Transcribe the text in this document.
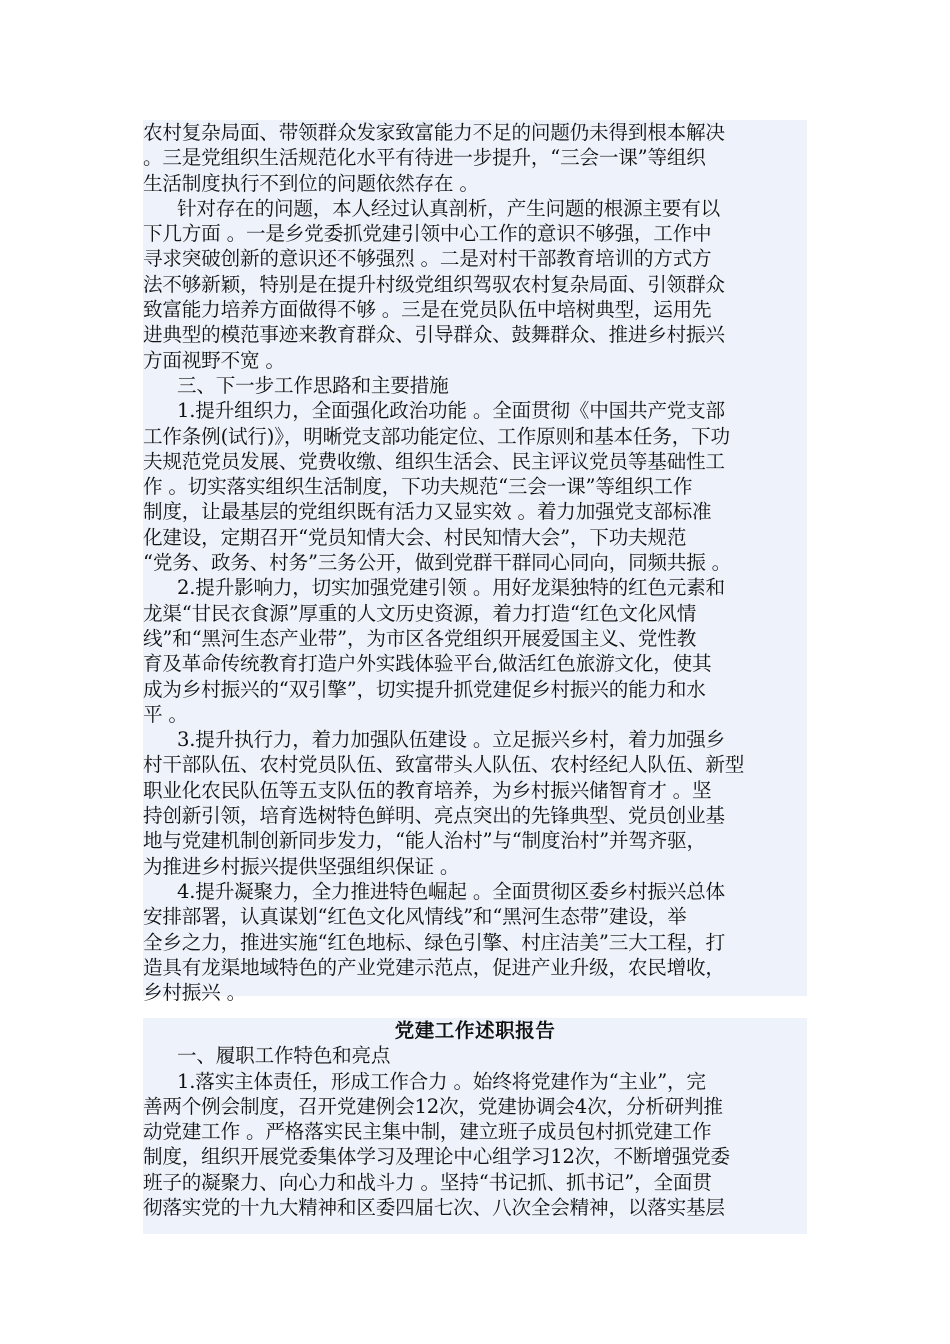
农村复杂局面、带领群众发家致富能力不足的问题仍未得到根本解决
。三是党组织生活规范化水平有待进一步提升，“三会一课”等组织
生活制度执行不到位的问题依然存在 。
针对存在的问题，本人经过认真剖析，产生问题的根源主要有以
下几方面 。一是乡党委抓党建引领中心工作的意识不够强，工作中
寻求突破创新的意识还不够强烈 。二是对村干部教育培训的方式方
法不够新颖，特别是在提升村级党组织驾驭农村复杂局面、引领群众
致富能力培养方面做得不够 。三是在党员队伍中培树典型，运用先
进典型的模范事迹来教育群众、引导群众、鼓舞群众、推进乡村振兴
方面视野不宽 。
三、下一步工作思路和主要措施
1.提升组织力，全面强化政治功能 。全面贯彻《中国共产党支部
工作条例(试行)》，明晰党支部功能定位、工作原则和基本任务，下功
夫规范党员发展、党费收缴、组织生活会、民主评议党员等基础性工
作 。切实落实组织生活制度，下功夫规范“三会一课”等组织工作
制度，让最基层的党组织既有活力又显实效 。着力加强党支部标准
化建设，定期召开“党员知情大会、村民知情大会”，下功夫规范
“党务、政务、村务”三务公开，做到党群干群同心同向，同频共振 。
2.提升影响力，切实加强党建引领 。用好龙渠独特的红色元素和
龙渠“甘民衣食源”厚重的人文历史资源，着力打造“红色文化风情
线”和“黑河生态产业带”，为市区各党组织开展爱国主义、党性教
育及革命传统教育打造户外实践体验平台,做活红色旅游文化，使其
成为乡村振兴的“双引擎”，切实提升抓党建促乡村振兴的能力和水
平 。
3.提升执行力，着力加强队伍建设 。立足振兴乡村，着力加强乡
村干部队伍、农村党员队伍、致富带头人队伍、农村经纪人队伍、新型
职业化农民队伍等五支队伍的教育培养，为乡村振兴储智育才 。坚
持创新引领，培育选树特色鲜明、亮点突出的先锋典型、党员创业基
地与党建机制创新同步发力，“能人治村”与“制度治村”并驾齐驱，
为推进乡村振兴提供坚强组织保证 。
4.提升凝聚力，全力推进特色崛起 。全面贯彻区委乡村振兴总体
安排部署，认真谋划“红色文化风情线”和“黑河生态带”建设，举
全乡之力，推进实施“红色地标、绿色引擎、村庄洁美”三大工程，打
造具有龙渠地域特色的产业党建示范点，促进产业升级，农民增收，
乡村振兴 。
党建工作述职报告
一、履职工作特色和亮点
1.落实主体责任，形成工作合力 。始终将党建作为“主业”，完
善两个例会制度，召开党建例会12次，党建协调会4次，分析研判推
动党建工作 。严格落实民主集中制，建立班子成员包村抓党建工作
制度，组织开展党委集体学习及理论中心组学习12次，不断增强党委
班子的凝聚力、向心力和战斗力 。坚持“书记抓、抓书记”，全面贯
彻落实党的十九大精神和区委四届七次、八次全会精神，以落实基层
